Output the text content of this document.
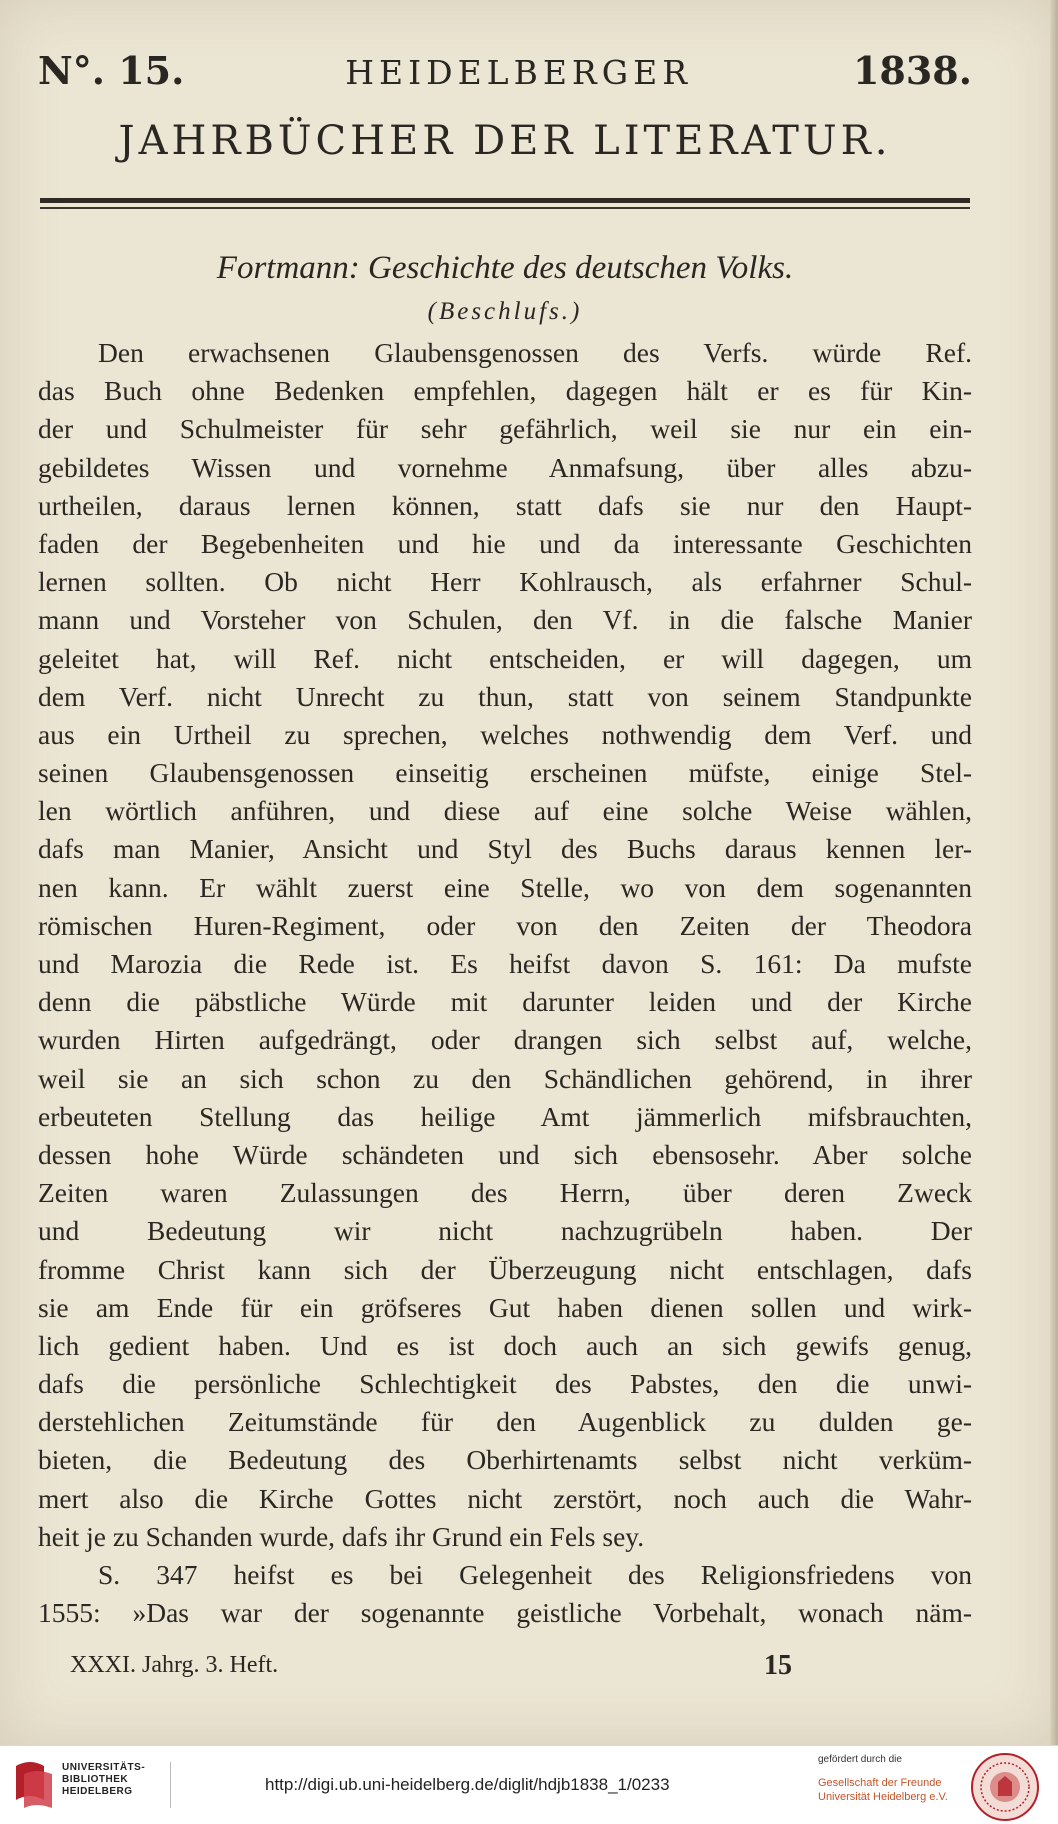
N°. 15.	HEIDELBERGER	1838.
JAHRBÜCHER DER LITERATUR.
Fortmann: Geschichte des deutschen Volks.
(Beschlufs.)
Den erwachsenen Glaubensgenossen des Verfs. würde Ref.
das Buch ohne Bedenken empfehlen, dagegen hält er es für Kin-
der und Schulmeister für sehr gefährlich, weil sie nur ein ein-
gebildetes Wissen und vornehme Anmafsung, über alles abzu-
urtheilen, daraus lernen können, statt dafs sie nur den Haupt-
faden der Begebenheiten und hie und da interessante Geschichten
lernen sollten. Ob nicht Herr Kohlrausch, als erfahrner Schul-
mann und Vorsteher von Schulen, den Vf. in die falsche Manier
geleitet hat, will Ref. nicht entscheiden, er will dagegen, um
dem Verf. nicht Unrecht zu thun, statt von seinem Standpunkte
aus ein Urtheil zu sprechen, welches nothwendig dem Verf. und
seinen Glaubensgenossen einseitig erscheinen müfste, einige Stel-
len wörtlich anführen, und diese auf eine solche Weise wählen,
dafs man Manier, Ansicht und Styl des Buchs daraus kennen ler-
nen kann. Er wählt zuerst eine Stelle, wo von dem sogenannten
römischen Huren-Regiment, oder von den Zeiten der Theodora
und Marozia die Rede ist. Es heifst davon S. 161: Da mufste
denn die päbstliche Würde mit darunter leiden und der Kirche
wurden Hirten aufgedrängt, oder drangen sich selbst auf, welche,
weil sie an sich schon zu den Schändlichen gehörend, in ihrer
erbeuteten Stellung das heilige Amt jämmerlich mifsbrauchten,
dessen hohe Würde schändeten und sich ebensosehr. Aber solche
Zeiten waren Zulassungen des Herrn, über deren Zweck
und Bedeutung wir nicht nachzugrübeln haben. Der
fromme Christ kann sich der Überzeugung nicht entschlagen, dafs
sie am Ende für ein gröfseres Gut haben dienen sollen und wirk-
lich gedient haben. Und es ist doch auch an sich gewifs genug,
dafs die persönliche Schlechtigkeit des Pabstes, den die unwi-
derstehlichen Zeitumstände für den Augenblick zu dulden ge-
bieten, die Bedeutung des Oberhirtenamts selbst nicht verküm-
mert also die Kirche Gottes nicht zerstört, noch auch die Wahr-
heit je zu Schanden wurde, dafs ihr Grund ein Fels sey.
S. 347 heifst es bei Gelegenheit des Religionsfriedens von
1555: »Das war der sogenannte geistliche Vorbehalt, wonach näm-
XXXI. Jahrg. 3. Heft.	15
UNIVERSITÄTS-
BIBLIOTHEK
HEIDELBERG	http://digi.ub.uni-heidelberg.de/diglit/hdjb1838_1/0233
gefördert durch die
Gesellschaft der Freunde
Universität Heidelberg e.V.
